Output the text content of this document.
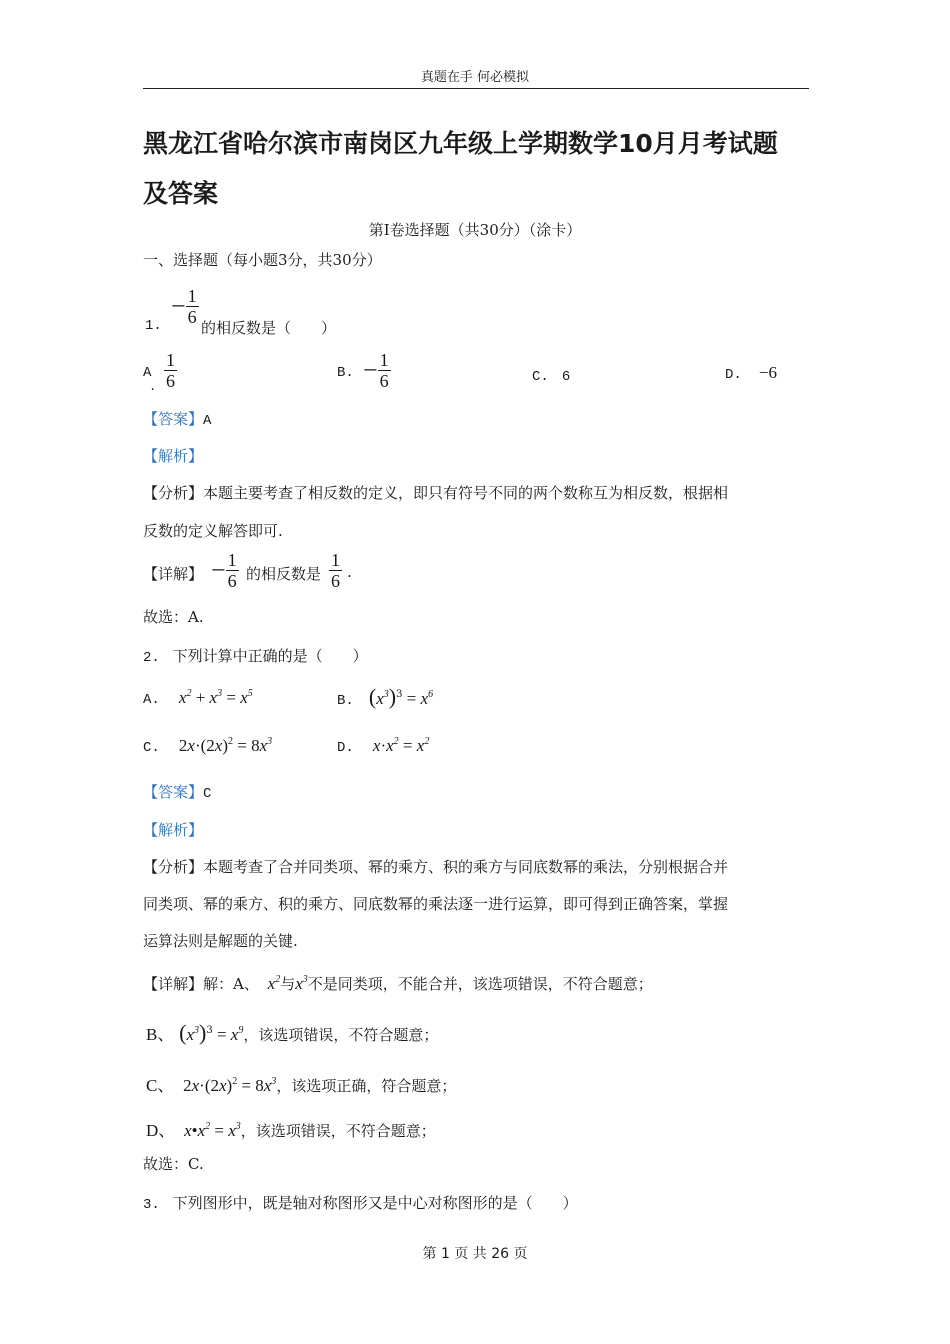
真题在手 何必模拟
黑龙江省哈尔滨市南岗区九年级上学期数学10月月考试题
及答案
第Ⅰ卷选择题（共30分）（涂卡）
一、选择题（每小题3分，共30分）
1.
− $\frac{1}{6}$
的相反数是（　　）
A
. $\frac{1}{6}$	B. − $\frac{1}{6}$	C. 6	D. −6
【答案】A
【解析】
【分析】本题主要考查了相反数的定义，即只有符号不同的两个数称互为相反数，根据相
反数的定义解答即可.
【详解】 − $\frac{1}{6}$ 的相反数是 $\frac{1}{6}$ .
故选：A.
2. 下列计算中正确的是（　　）
A. $x^2 + x^3 = x^5$	B. $(x^3)^3 = x^6$
C. $2x\cdot(2x)^2 = 8x^3$	D. $x\cdot x^2 = x^2$
【答案】C
【解析】
【分析】本题考查了合并同类项、幂的乘方、积的乘方与同底数幂的乘法，分别根据合并
同类项、幂的乘方、积的乘方、同底数幂的乘法逐一进行运算，即可得到正确答案，掌握
运算法则是解题的关键.
【详解】解：A、 $x^2$与$x^3$不是同类项，不能合并，该选项错误，不符合题意；
B、 $(x^3)^3 = x^9$，该选项错误，不符合题意；
C、 $2x\cdot(2x)^2 = 8x^3$，该选项正确，符合题意；
D、 $x•x^2 = x^3$，该选项错误，不符合题意；
故选：C.
3. 下列图形中，既是轴对称图形又是中心对称图形的是（　　）
第 1 页 共 26 页
